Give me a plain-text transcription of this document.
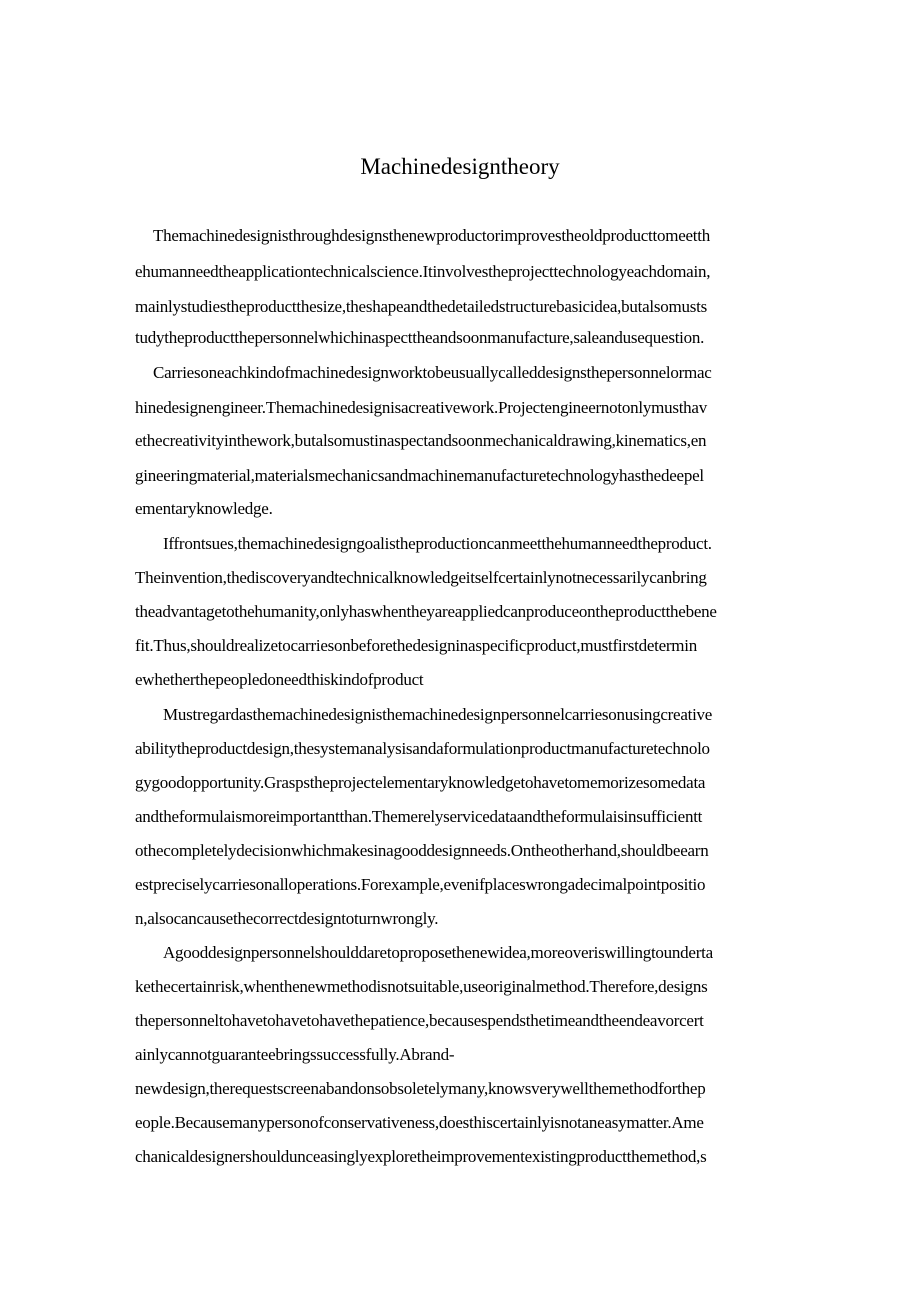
Machinedesigntheory
Themachinedesignisthroughdesignsthenewproductorimprovestheoldproducttomeetth
ehumanneedtheapplicationtechnicalscience.Itinvolvestheprojecttechnologyeachdomain,
mainlystudiestheproductthesize,theshapeandthedetailedstructurebasicidea,butalsomusts
tudytheproductthepersonnelwhichinaspecttheandsoonmanufacture,saleandusequestion.
Carriesoneachkindofmachinedesignworktobeusuallycalleddesignsthepersonnelormac
hinedesignengineer.Themachinedesignisacreativework.Projectengineernotonlymusthav
ethecreativityinthework,butalsomustinaspectandsoonmechanicaldrawing,kinematics,en
gineeringmaterial,materialsmechanicsandmachinemanufacturetechnologyhasthedeepel
ementaryknowledge.
Iffrontsues,themachinedesigngoalistheproductioncanmeetthehumanneedtheproduct.
Theinvention,thediscoveryandtechnicalknowledgeitselfcertainlynotnecessarilycanbring
theadvantagetothehumanity,onlyhaswhentheyareappliedcanproduceontheproductthebene
fit.Thus,shouldrealizetocarriesonbeforethedesigninaspecificproduct,mustfirstdetermin
ewhetherthepeopledoneedthiskindofproduct
Mustregardasthemachinedesignisthemachinedesignpersonnelcarriesonusingcreative
abilitytheproductdesign,thesystemanalysisandaformulationproductmanufacturetechnolo
gygoodopportunity.Graspstheprojectelementaryknowledgetohavetomemorizesomedata
andtheformulaismoreimportantthan.Themerelyservicedataandtheformulaisinsufficientt
othecompletelydecisionwhichmakesinagooddesignneeds.Ontheotherhand,shouldbeearn
estpreciselycarriesonalloperations.Forexample,evenifplaceswrongadecimalpointpositio
n,alsocancausethecorrectdesigntoturnwrongly.
Agooddesignpersonnelshoulddaretoproposethenewidea,moreoveriswillingtounderta
kethecertainrisk,whenthenewmethodisnotsuitable,useoriginalmethod.Therefore,designs
thepersonneltohavetohavetohavethepatience,becausespendsthetimeandtheendeavorcert
ainlycannotguaranteebringssuccessfully.Abrand-
newdesign,therequestscreenabandonsobsoletelymany,knowsverywellthemethodforthep
eople.Becausemanypersonofconservativeness,doesthiscertainlyisnotaneasymatter.Ame
chanicaldesignershouldunceasinglyexploretheimprovementexistingproductthemethod,s
